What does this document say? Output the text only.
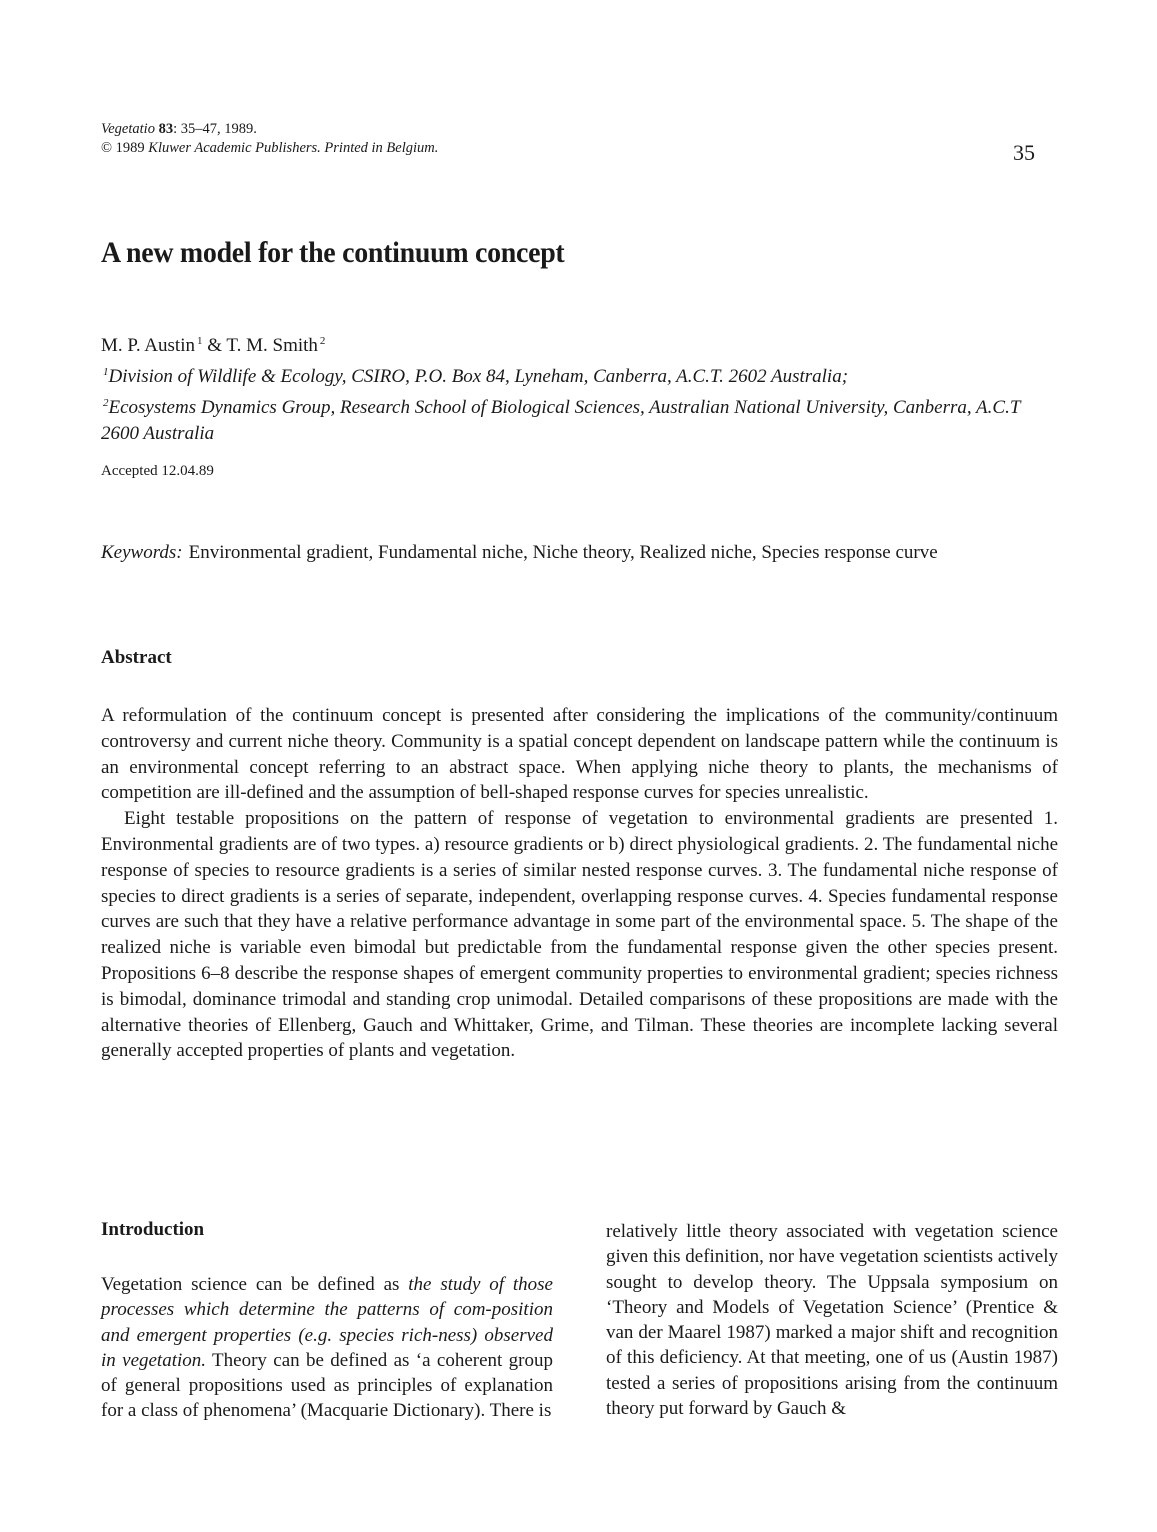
Vegetatio 83: 35–47, 1989.
© 1989 Kluwer Academic Publishers. Printed in Belgium.	35
A new model for the continuum concept
M. P. Austin $^1$ & T. M. Smith $^2$
$^1$Division of Wildlife & Ecology, CSIRO, P.O. Box 84, Lyneham, Canberra, A.C.T. 2602 Australia;
$^2$Ecosystems Dynamics Group, Research School of Biological Sciences, Australian National University, Canberra, A.C.T 2600 Australia
Accepted 12.04.89
Keywords: Environmental gradient, Fundamental niche, Niche theory, Realized niche, Species response curve
Abstract

A reformulation of the continuum concept is presented after considering the implications of the community/continuum controversy and current niche theory. Community is a spatial concept dependent on landscape pattern while the continuum is an environmental concept referring to an abstract space. When applying niche theory to plants, the mechanisms of competition are ill-defined and the assumption of bell-shaped response curves for species unrealistic.

Eight testable propositions on the pattern of response of vegetation to environmental gradients are presented 1. Environmental gradients are of two types. a) resource gradients or b) direct physiological gradients. 2. The fundamental niche response of species to resource gradients is a series of similar nested response curves. 3. The fundamental niche response of species to direct gradients is a series of separate, independent, overlapping response curves. 4. Species fundamental response curves are such that they have a relative performance advantage in some part of the environmental space. 5. The shape of the realized niche is variable even bimodal but predictable from the fundamental response given the other species present. Propositions 6–8 describe the response shapes of emergent community properties to environmental gradient; species richness is bimodal, dominance trimodal and standing crop unimodal. Detailed comparisons of these propositions are made with the alternative theories of Ellenberg, Gauch and Whittaker, Grime, and Tilman. These theories are incomplete lacking several generally accepted properties of plants and vegetation.

Introduction

Vegetation science can be defined as the study of those processes which determine the patterns of com-position and emergent properties (e.g. species rich-ness) observed in vegetation. Theory can be defined as ‘a coherent group of general propositions used as principles of explanation for a class of phenomena’ (Macquarie Dictionary). There is

relatively little theory associated with vegetation science given this definition, nor have vegetation scientists actively sought to develop theory. The Uppsala symposium on ‘Theory and Models of Vegetation Science’ (Prentice & van der Maarel 1987) marked a major shift and recognition of this deficiency. At that meeting, one of us (Austin 1987) tested a series of propositions arising from the continuum theory put forward by Gauch &
